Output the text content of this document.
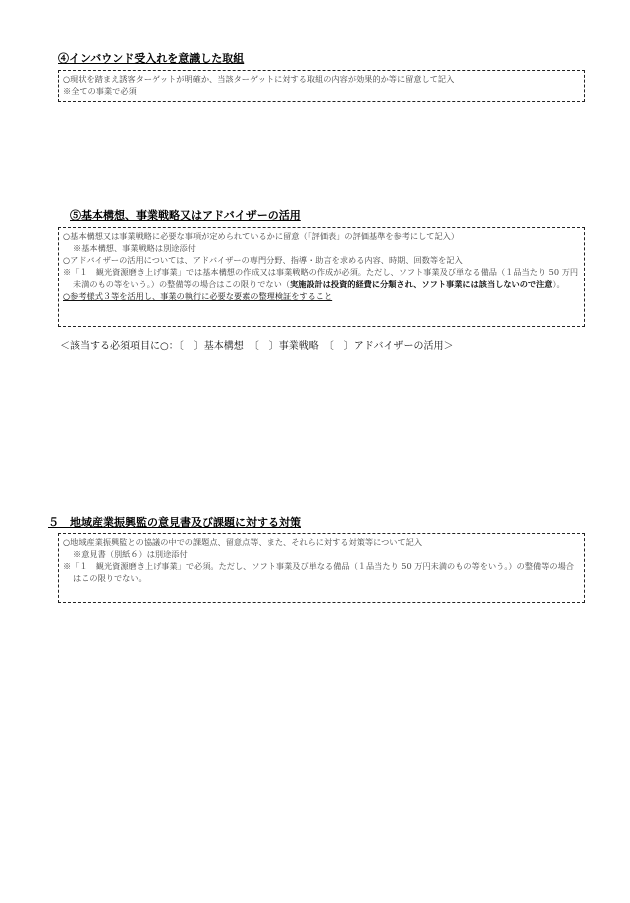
④インバウンド受入れを意識した取組
○現状を踏まえ誘客ターゲットが明確か、当該ターゲットに対する取組の内容が効果的か等に留意して記入
※全ての事業で必須
⑤基本構想、事業戦略又はアドバイザーの活用
○基本構想又は事業戦略に必要な事項が定められているかに留意（「評価表」の評価基準を参考にして記入）
※基本構想、事業戦略は別途添付
○アドバイザーの活用については、アドバイザーの専門分野、指導・助言を求める内容、時期、回数等を記入
※「１　観光資源磨き上げ事業」では基本構想の作成又は事業戦略の作成が必須。ただし、ソフト事業及び単なる備品（１品当たり 50 万円未満のもの等をいう。）の整備等の場合はこの限りでない（実施設計は投資的経費に分類され、ソフト事業には該当しないので注意）。
○参考様式３等を活用し、事業の執行に必要な要素の整理検証をすること
＜該当する必須項目に○：〔　〕基本構想　〔　〕事業戦略　〔　〕アドバイザーの活用＞
５　地域産業振興監の意見書及び課題に対する対策
○地域産業振興監との協議の中での課題点、留意点等、また、それらに対する対策等について記入
※意見書（別紙６）は別途添付
※「１　観光資源磨き上げ事業」で必須。ただし、ソフト事業及び単なる備品（１品当たり 50 万円未満のもの等をいう。）の整備等の場合はこの限りでない。
